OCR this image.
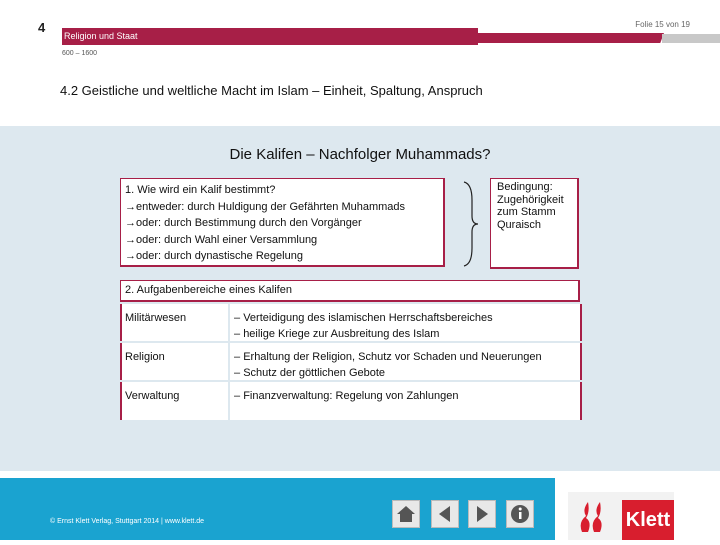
4	Folie 15 von 19
Religion und Staat
600 – 1600
4.2 Geistliche und weltliche Macht im Islam – Einheit, Spaltung, Anspruch
Die Kalifen – Nachfolger Muhammads?
1. Wie wird ein Kalif bestimmt?
→ entweder: durch Huldigung der Gefährten Muhammads
→ oder: durch Bestimmung durch den Vorgänger
→ oder: durch Wahl einer Versammlung
→ oder: durch dynastische Regelung
Bedingung:
Zugehörigkeit
zum Stamm
Quraisch
2. Aufgabenbereiche eines Kalifen
Militärwesen	– Verteidigung des islamischen Herrschaftsbereiches
– heilige Kriege zur Ausbreitung des Islam
Religion	– Erhaltung der Religion, Schutz vor Schaden und Neuerungen
– Schutz der göttlichen Gebote
Verwaltung	– Finanzverwaltung: Regelung von Zahlungen
© Ernst Klett Verlag, Stuttgart 2014 | www.klett.de	Klett
